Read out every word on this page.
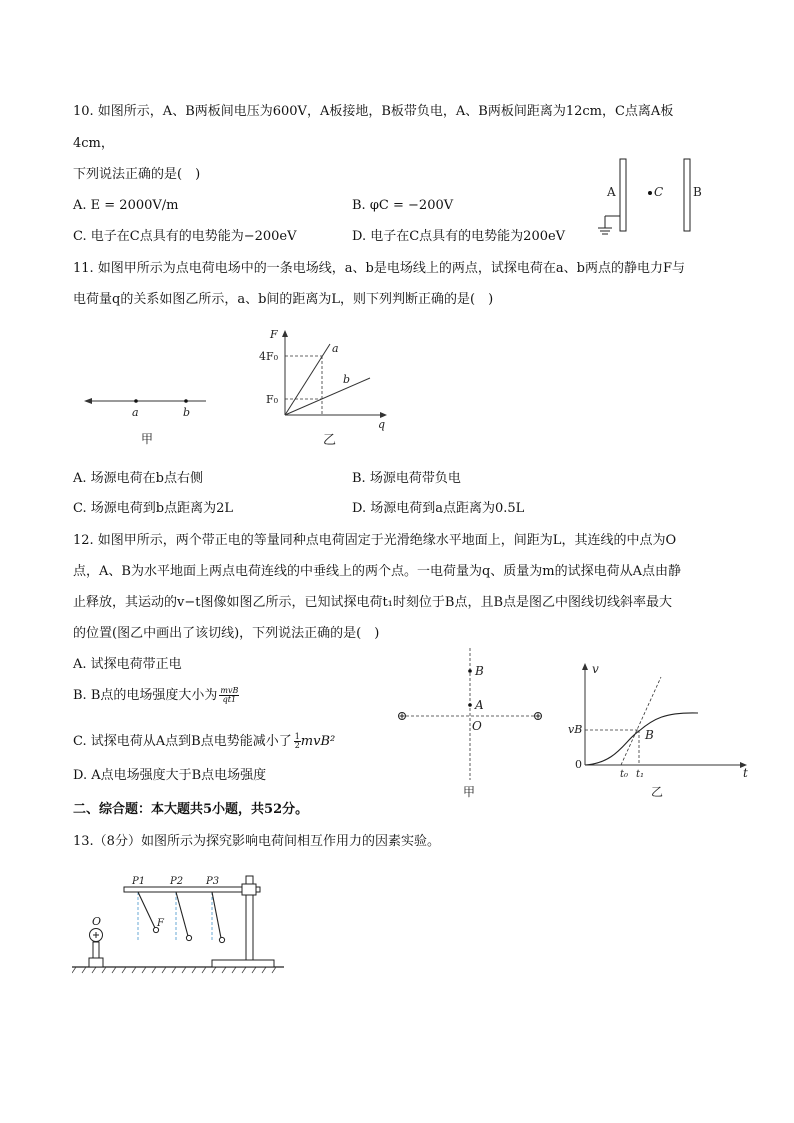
10. 如图所示，A、B两板间电压为600V，A板接地，B板带负电，A、B两板间距离为12cm，C点离A板
4cm，
下列说法正确的是(　)
A. E = 2000V/m	B. φC = −200V
C. 电子在C点具有的电势能为−200eV	D. 电子在C点具有的电势能为200eV
A	C B
11. 如图甲所示为点电荷电场中的一条电场线，a、b是电场线上的两点，试探电荷在a、b两点的静电力F与
电荷量q的关系如图乙所示，a、b间的距离为L，则下列判断正确的是(　)
a	b
甲
F
q
4F₀
F₀
a
b
乙
A. 场源电荷在b点右侧	B. 场源电荷带负电
C. 场源电荷到b点距离为2L	D. 场源电荷到a点距离为0.5L
12. 如图甲所示，两个带正电的等量同种点电荷固定于光滑绝缘水平地面上，间距为L，其连线的中点为O
点，A、B为水平地面上两点电荷连线的中垂线上的两个点。一电荷量为q、质量为m的试探电荷从A点由静
止释放，其运动的v−t图像如图乙所示，已知试探电荷t₁时刻位于B点，且B点是图乙中图线切线斜率最大
的位置(图乙中画出了该切线)，下列说法正确的是(　)
A. 试探电荷带正电
B. B点的电场强度大小为 $\frac{\text{mvB}}{qt1}$
C. 试探电荷从A点到B点电势能减小了 $\frac{1}{2} mvB^2$
D. A点电场强度大于B点电场强度
B
A
O
甲
v
t
0
vB	B
t₀ t₁
乙
二、综合题：本大题共5小题，共52分。
13.（8分）如图所示为探究影响电荷间相互作用力的因素实验。
O
P1 P2 P3
F
